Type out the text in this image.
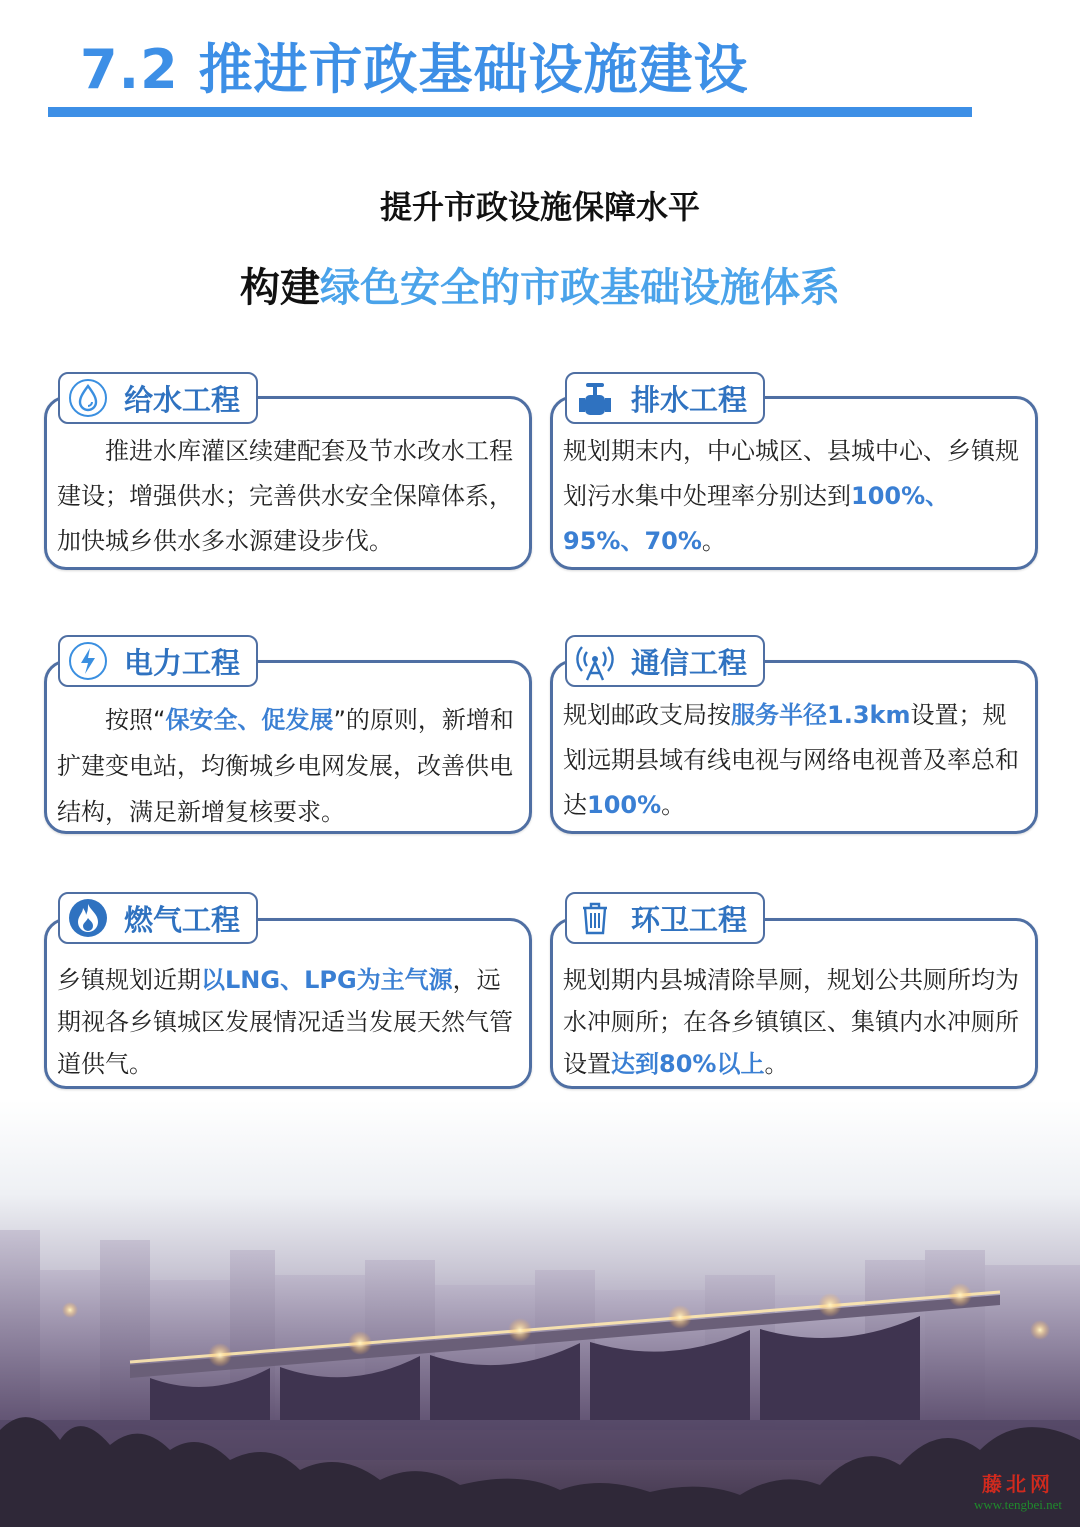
7.2 推进市政基础设施建设
提升市政设施保障水平
构建绿色安全的市政基础设施体系
推进水库灌区续建配套及节水改水工程建设；增强供水；完善供水安全保障体系，加快城乡供水多水源建设步伐。
给水工程
规划期末内，中心城区、县城中心、乡镇规划污水集中处理率分别达到100%、95%、70%。
排水工程
按照“保安全、促发展”的原则，新增和扩建变电站，均衡城乡电网发展，改善供电结构，满足新增复核要求。
电力工程
规划邮政支局按服务半径1.3km设置；规划远期县域有线电视与网络电视普及率总和达100%。
通信工程
乡镇规划近期以LNG、LPG为主气源，远期视各乡镇城区发展情况适当发展天然气管道供气。
燃气工程
规划期内县城清除旱厕，规划公共厕所均为水冲厕所；在各乡镇镇区、集镇内水冲厕所设置达到80%以上。
环卫工程
藤北网
www.tengbei.net
